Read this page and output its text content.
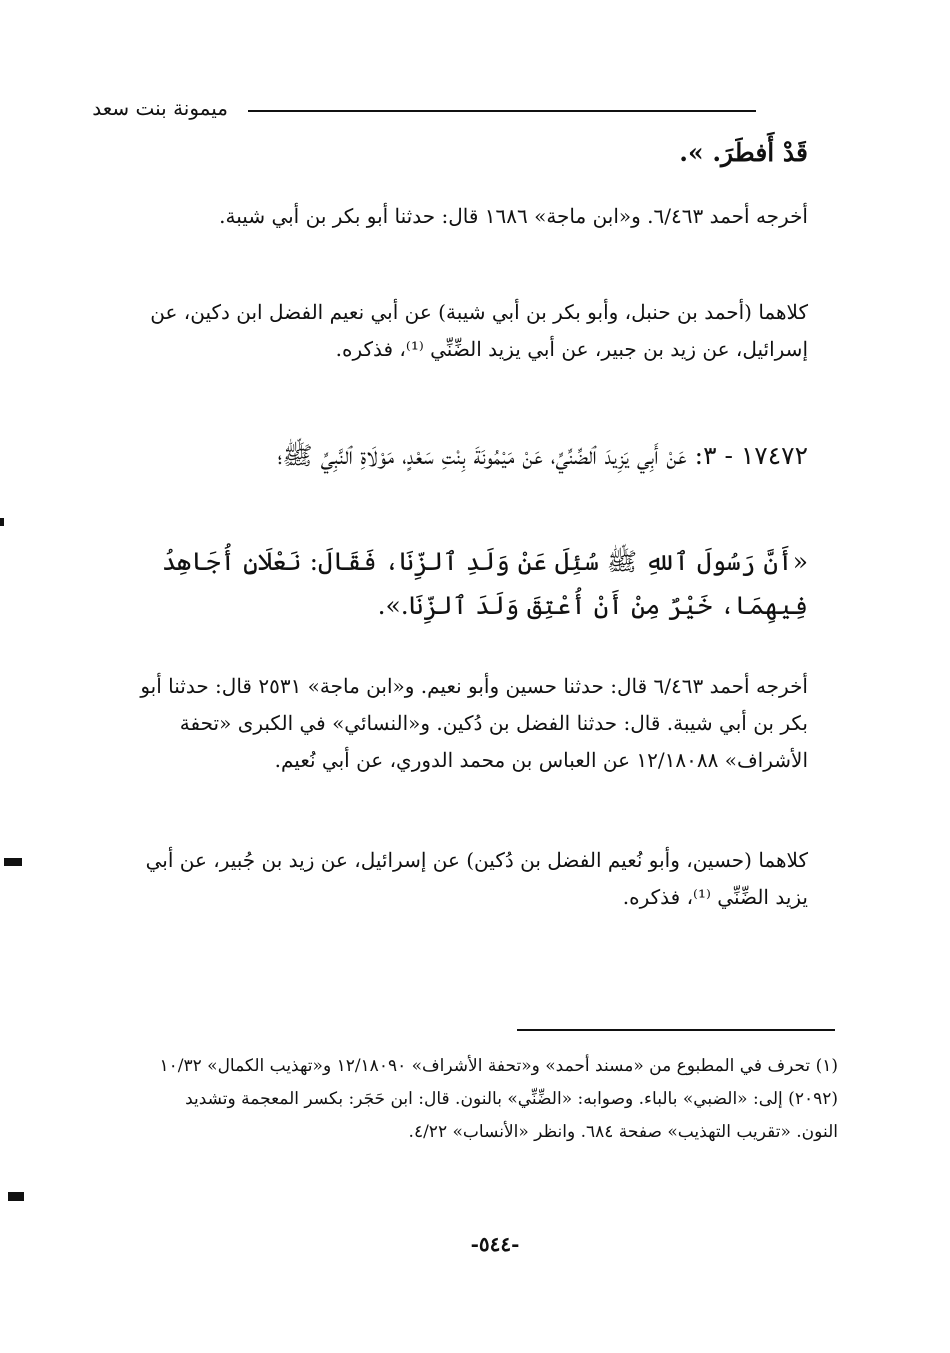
ميمونة بنت سعد
قَدْ أَفطَرَ. ».
أخرجه أحمد ٦/٤٦٣. و«ابن ماجة» ١٦٨٦ قال: حدثنا أبو بكر بن أبي شيبة.
كلاهما (أحمد بن حنبل، وأبو بكر بن أبي شيبة) عن أبي نعيم الفضل ابن دكين، عن إسرائيل، عن زيد بن جبير، عن أبي يزيد الضِّنِّي ⁽¹⁾، فذكره.
١٧٤٧٢ - ٣: عَنْ أَبِي يَزِيدَ ٱلضِّنِّيِّ، عَنْ مَيْمُونَةَ بِنْتِ سَعْدٍ، مَوْلَاةِ ٱلنَّبِيِّ ﷺ؛
«أَنَّ رَسُولَ ٱللهِ ﷺ سُئِلَ عَنْ وَلَدِ ٱلزِّنَا، فَقَالَ: نَعْلَانِ أُجَاهِدُ فِيهِمَا، خَيْرٌ مِنْ أَنْ أُعْتِقَ وَلَدَ ٱلزِّنَا.».
أخرجه أحمد ٦/٤٦٣ قال: حدثنا حسين وأبو نعيم. و«ابن ماجة» ٢٥٣١ قال: حدثنا أبو بكر بن أبي شيبة. قال: حدثنا الفضل بن دُكين. و«النسائي» في الكبرى «تحفة الأشراف» ١٢/١٨٠٨٨ عن العباس بن محمد الدوري، عن أبي نُعيم.
كلاهما (حسين، وأبو نُعيم الفضل بن دُكين) عن إسرائيل، عن زيد بن جُبير، عن أبي يزيد الضِّنِّي ⁽¹⁾، فذكره.
(١) تحرف في المطبوع من «مسند أحمد» و«تحفة الأشراف» ١٢/١٨٠٩٠ و«تهذيب الكمال» ١٠/٣٢ (٢٠٩٢) إلى: «الضبي» بالباء. وصوابه: «الضِّنِّي» بالنون. قال: ابن حَجَر: بكسر المعجمة وتشديد النون. «تقريب التهذيب» صفحة ٦٨٤. وانظر «الأنساب» ٤/٢٢.
-٥٤٤-
